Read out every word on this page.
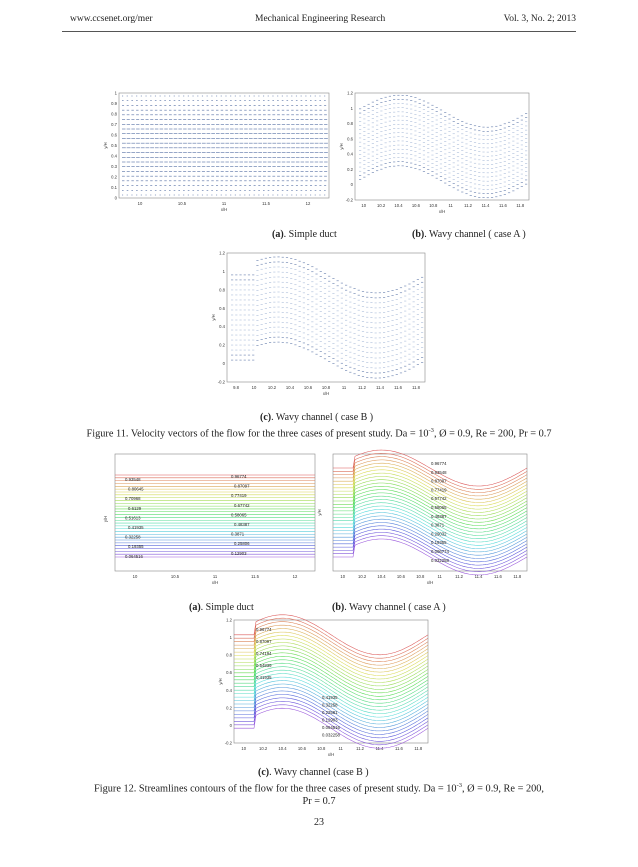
www.ccsenet.org/mer	Mechanical Engineering Research	Vol. 3, No. 2; 2013
10	10.5	11	11.5	12
0
0.1
0.2
0.3
0.4
0.5
0.6
0.7
0.8
0.9
1
x/H
y/H
10	10.2 10.4 10.6 10.8	11	11.2 11.4 11.6 11.8
-0.2
0
0.2
0.4
0.6
0.8
1
1.2
x/H
y/H
(a). Simple duct	(b). Wavy channel ( case A )
9.8	10	10.2 10.4 10.6 10.8	11	11.2 11.4 11.6 11.8
-0.2
0
0.2
0.4
0.6
0.8
1
1.2
x/H
y/H
(c). Wavy channel ( case B )
Figure 11. Velocity vectors of the flow for the three cases of present study. $Da = 10^{-3}$, Ø = 0.9, Re = 200, Pr = 0.7
10	10.5	11	11.5	12
x/H
y/H
0.93548
0.80645
0.70968
0.6129
0.51613
0.41935
0.32258
0.19355
0.064516
0.96774
0.87097
0.77419
0.67742
0.58065
0.48387
0.3871
0.25806
0.12903
10	10.2	10.4	10.6	10.8	11	11.2	11.4	11.6	11.8
x/H
y/H
0.96774
0.93548
0.87097
0.77419
0.67742
0.58065
0.48387
0.3871
0.29032
0.19355
0.096774
0.032258
(a). Simple duct	(b). Wavy channel ( case A )
10	10.2	10.4	10.6	10.8	11	11.2	11.4	11.6	11.8
-0.2
0
0.2
0.4
0.6
0.8
1
1.2
x/H
y/H
0.96774
0.87097
0.74194
0.54839
0.41935
0.41935
0.32258
0.22581
0.12903
0.064516
0.032258
(c). Wavy channel (case B )
Figure 12. Streamlines contours of the flow for the three cases of present study. $Da = 10^{-3}$, Ø = 0.9, Re = 200,
Pr = 0.7
23
